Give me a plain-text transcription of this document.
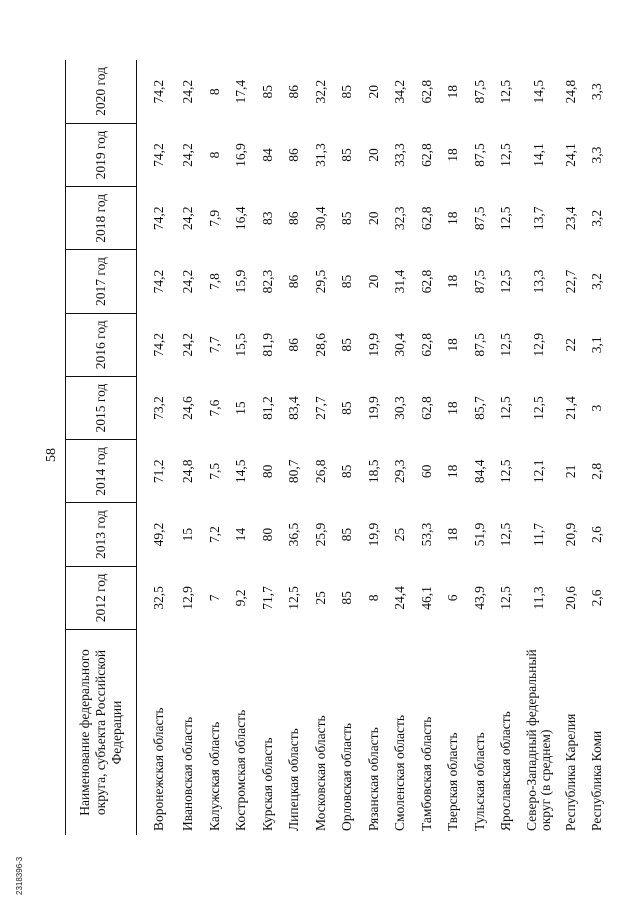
58
2318396-3
Наименование федерального округа, субъекта Российской Федерации	2012 год	2013 год	2014 год	2015 год	2016 год	2017 год	2018 год	2019 год	2020 год
Воронежская область	32,5	49,2	71,2	73,2	74,2	74,2	74,2	74,2	74,2
Ивановская область	12,9	15	24,8	24,6	24,2	24,2	24,2	24,2	24,2
Калужская область	7	7,2	7,5	7,6	7,7	7,8	7,9	8	8
Костромская область	9,2	14	14,5	15	15,5	15,9	16,4	16,9	17,4
Курская область	71,7	80	80	81,2	81,9	82,3	83	84	85
Липецкая область	12,5	36,5	80,7	83,4	86	86	86	86	86
Московская область	25	25,9	26,8	27,7	28,6	29,5	30,4	31,3	32,2
Орловская область	85	85	85	85	85	85	85	85	85
Рязанская область	8	19,9	18,5	19,9	19,9	20	20	20	20
Смоленская область	24,4	25	29,3	30,3	30,4	31,4	32,3	33,3	34,2
Тамбовская область	46,1	53,3	60	62,8	62,8	62,8	62,8	62,8	62,8
Тверская область	6	18	18	18	18	18	18	18	18
Тульская область	43,9	51,9	84,4	85,7	87,5	87,5	87,5	87,5	87,5
Ярославская область	12,5	12,5	12,5	12,5	12,5	12,5	12,5	12,5	12,5
Северо-Западный федеральный округ (в среднем)	11,3	11,7	12,1	12,5	12,9	13,3	13,7	14,1	14,5
Республика Карелия	20,6	20,9	21	21,4	22	22,7	23,4	24,1	24,8
Республика Коми	2,6	2,6	2,8	3	3,1	3,2	3,2	3,3	3,3
